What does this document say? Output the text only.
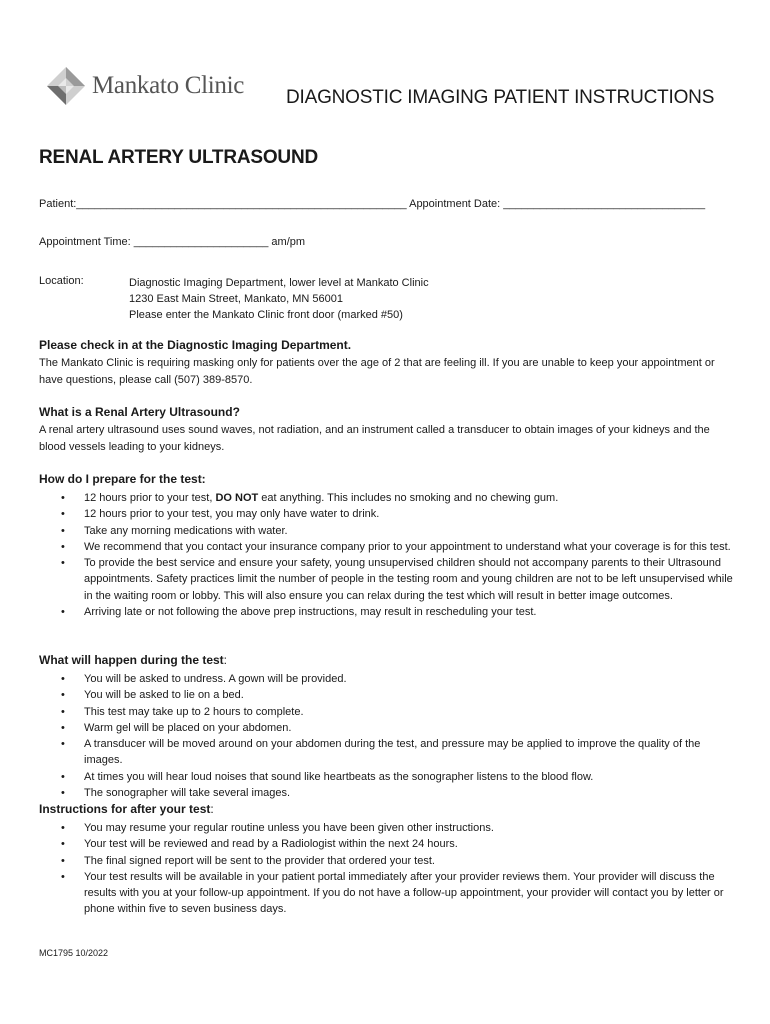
Mankato Clinic DIAGNOSTIC IMAGING PATIENT INSTRUCTIONS
RENAL ARTERY ULTRASOUND
Patient:______________________________________________________ Appointment Date: _________________________________
Appointment Time: ______________________ am/pm
Location:	Diagnostic Imaging Department, lower level at Mankato Clinic
1230 East Main Street, Mankato, MN 56001
Please enter the Mankato Clinic front door (marked #50)
Please check in at the Diagnostic Imaging Department.
The Mankato Clinic is requiring masking only for patients over the age of 2 that are feeling ill. If you are unable to keep your appointment or have questions, please call (507) 389-8570.
What is a Renal Artery Ultrasound?
A renal artery ultrasound uses sound waves, not radiation, and an instrument called a transducer to obtain images of your kidneys and the blood vessels leading to your kidneys.
How do I prepare for the test:
• 12 hours prior to your test, DO NOT eat anything. This includes no smoking and no chewing gum.
• 12 hours prior to your test, you may only have water to drink.
• Take any morning medications with water.
• We recommend that you contact your insurance company prior to your appointment to understand what your coverage is for this test.
• To provide the best service and ensure your safety, young unsupervised children should not accompany parents to their Ultrasound appointments. Safety practices limit the number of people in the testing room and young children are not to be left unsupervised while in the waiting room or lobby. This will also ensure you can relax during the test which will result in better image outcomes.
• Arriving late or not following the above prep instructions, may result in rescheduling your test.
What will happen during the test:
• You will be asked to undress. A gown will be provided.
• You will be asked to lie on a bed.
• This test may take up to 2 hours to complete.
• Warm gel will be placed on your abdomen.
• A transducer will be moved around on your abdomen during the test, and pressure may be applied to improve the quality of the images.
• At times you will hear loud noises that sound like heartbeats as the sonographer listens to the blood flow.
• The sonographer will take several images.
Instructions for after your test:
• You may resume your regular routine unless you have been given other instructions.
• Your test will be reviewed and read by a Radiologist within the next 24 hours.
• The final signed report will be sent to the provider that ordered your test.
• Your test results will be available in your patient portal immediately after your provider reviews them. Your provider will discuss the results with you at your follow-up appointment. If you do not have a follow-up appointment, your provider will contact you by letter or phone within five to seven business days.
MC1795 10/2022
